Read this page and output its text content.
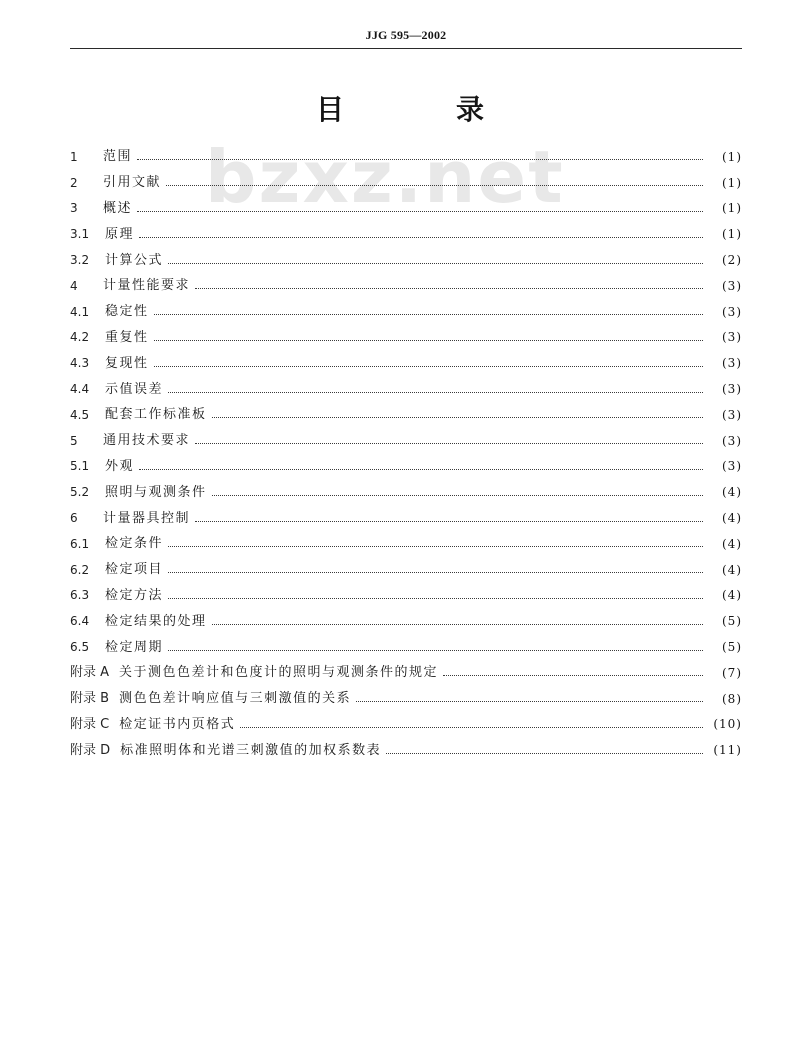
JJG 595—2002
目　录
bzxz.net
1	范围	(1)
2	引用文献	(1)
3	概述	(1)
3.1	原理	(1)
3.2	计算公式	(2)
4	计量性能要求	(3)
4.1	稳定性	(3)
4.2	重复性	(3)
4.3	复现性	(3)
4.4	示值误差	(3)
4.5	配套工作标准板	(3)
5	通用技术要求	(3)
5.1	外观	(3)
5.2	照明与观测条件	(4)
6	计量器具控制	(4)
6.1	检定条件	(4)
6.2	检定项目	(4)
6.3	检定方法	(4)
6.4	检定结果的处理	(5)
6.5	检定周期	(5)
附录 A 关于测色色差计和色度计的照明与观测条件的规定	(7)
附录 B 测色色差计响应值与三刺激值的关系	(8)
附录 C 检定证书内页格式	(10)
附录 D 标准照明体和光谱三刺激值的加权系数表	(11)
